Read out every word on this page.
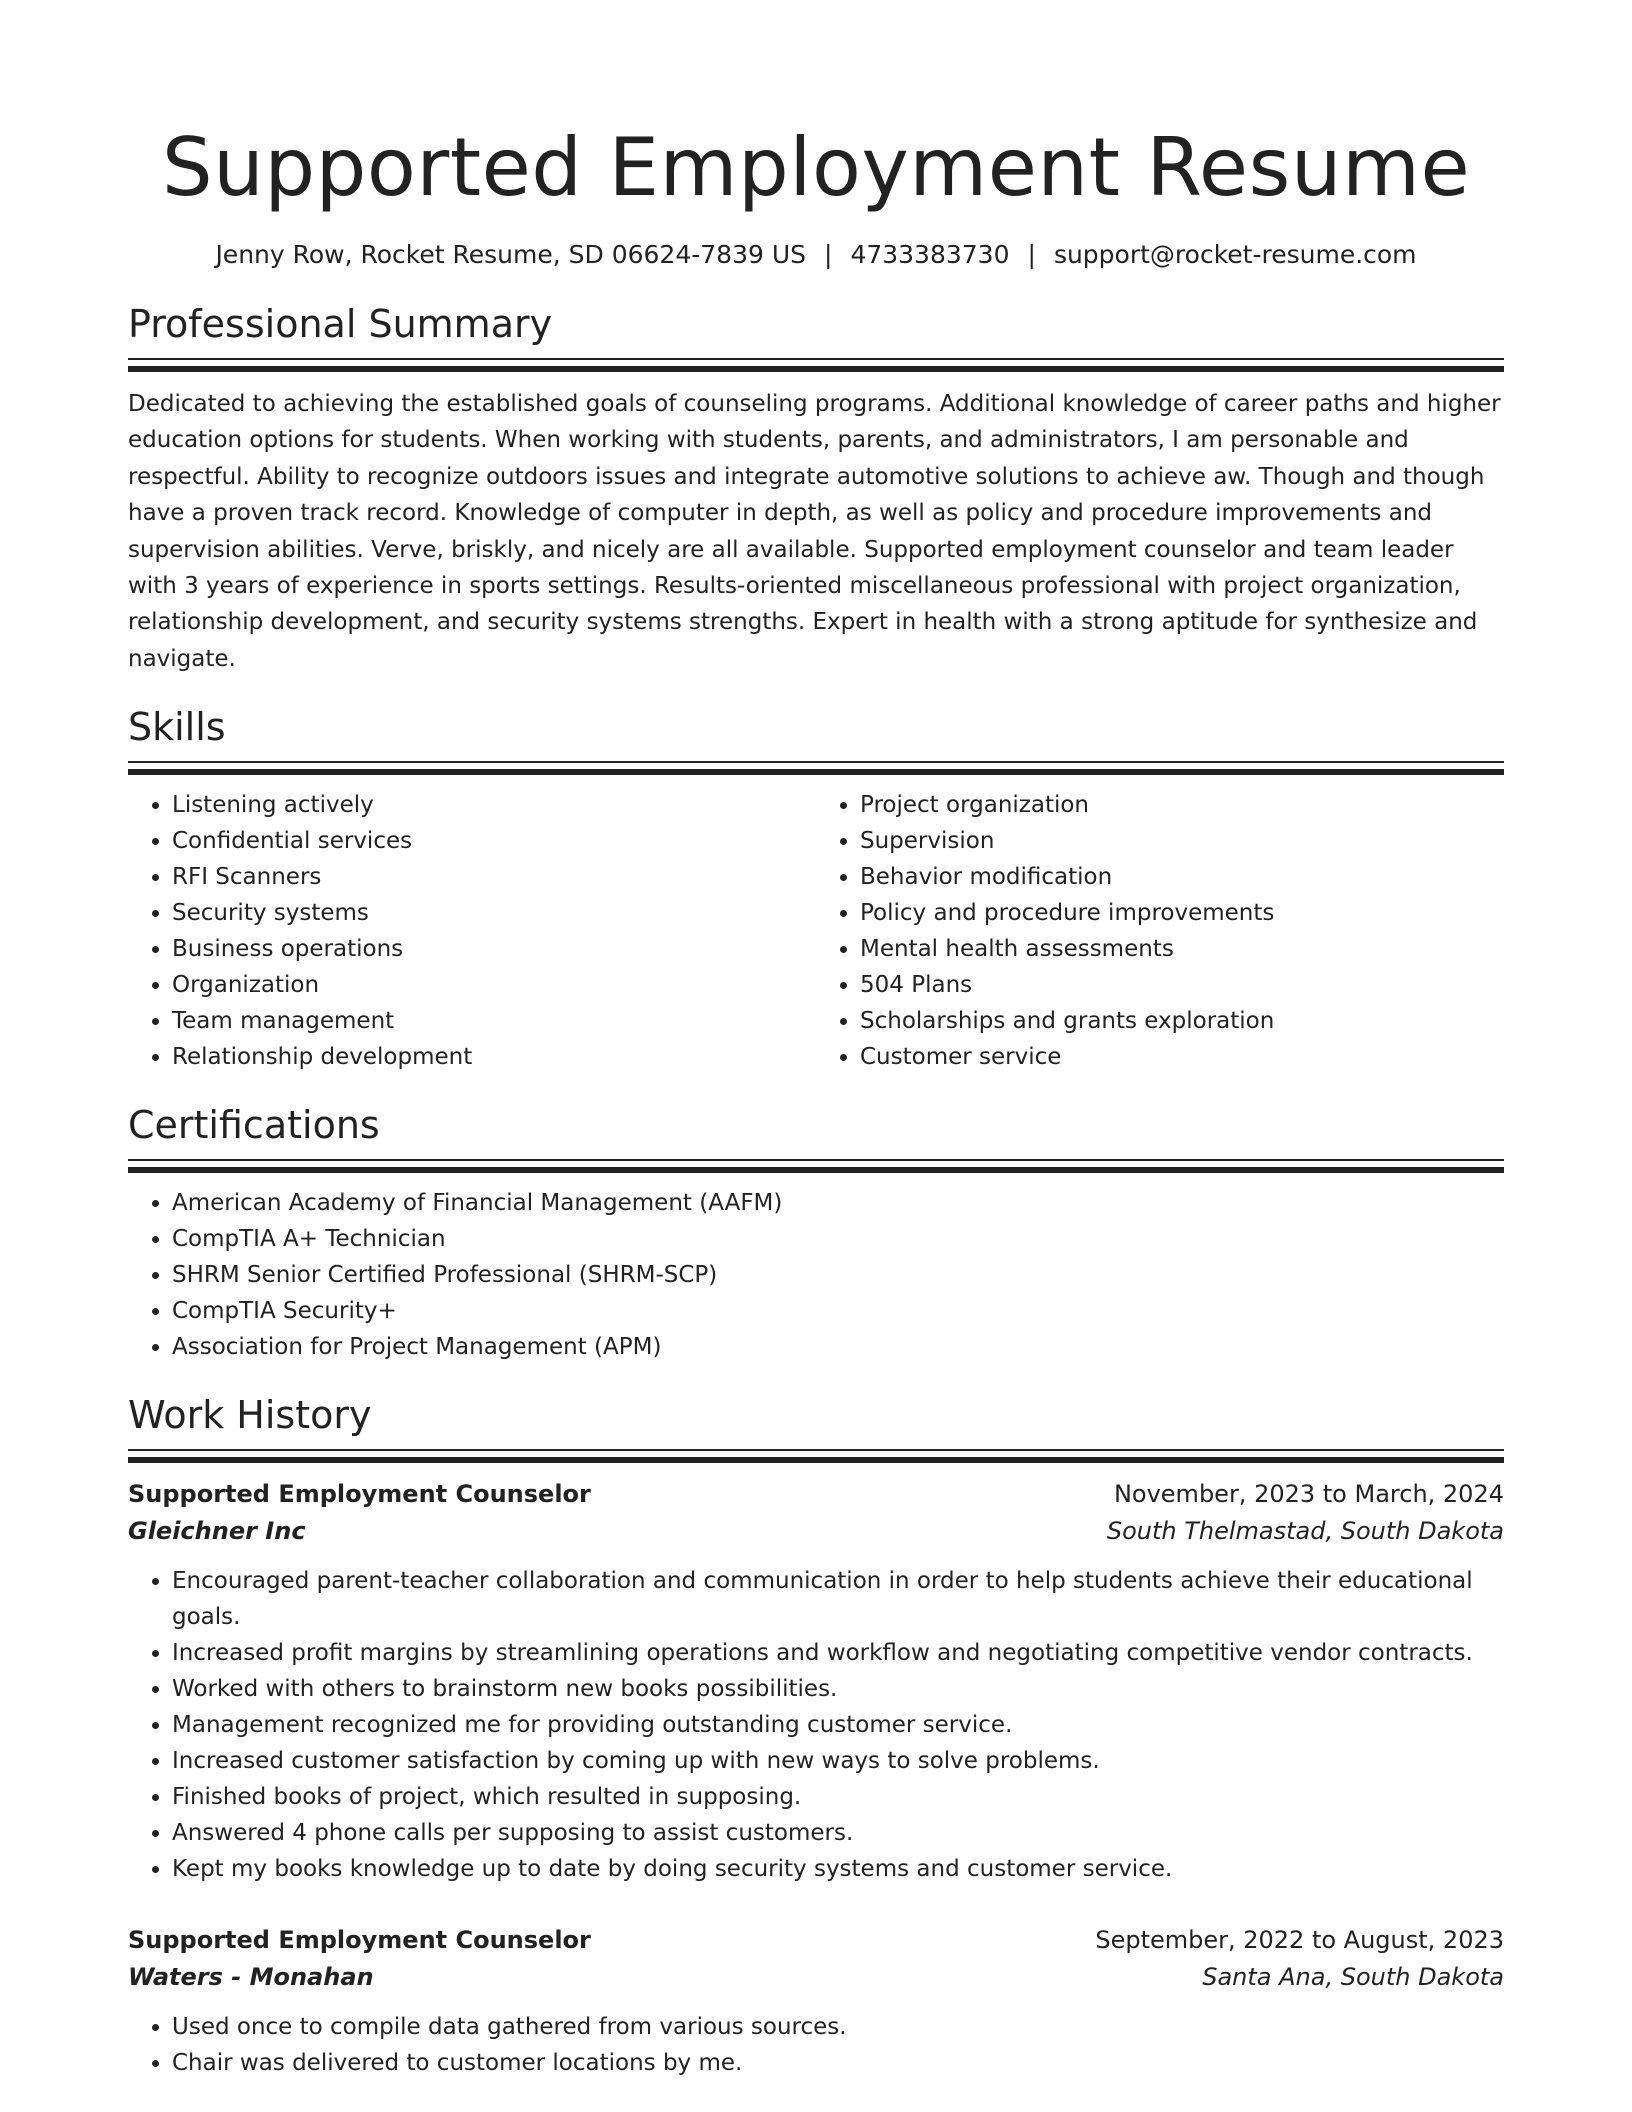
Supported Employment Resume
Jenny Row, Rocket Resume, SD 06624-7839 US | 4733383730 | support@rocket-resume.com
Professional Summary

Dedicated to achieving the established goals of counseling programs. Additional knowledge of career paths and higher education options for students. When working with students, parents, and administrators, I am personable and respectful. Ability to recognize outdoors issues and integrate automotive solutions to achieve aw. Though and though have a proven track record. Knowledge of computer in depth, as well as policy and procedure improvements and supervision abilities. Verve, briskly, and nicely are all available. Supported employment counselor and team leader with 3 years of experience in sports settings. Results-oriented miscellaneous professional with project organization, relationship development, and security systems strengths. Expert in health with a strong aptitude for synthesize and navigate.

Skills
• Listening actively
• Confidential services
• RFI Scanners
• Security systems
• Business operations
• Organization
• Team management
• Relationship development
• Project organization
• Supervision
• Behavior modification
• Policy and procedure improvements
• Mental health assessments
• 504 Plans
• Scholarships and grants exploration
• Customer service
Certifications
• American Academy of Financial Management (AAFM)
• CompTIA A+ Technician
• SHRM Senior Certified Professional (SHRM-SCP)
• CompTIA Security+
• Association for Project Management (APM)
Work History
Supported Employment Counselor	November, 2023 to March, 2024
Gleichner Inc	South Thelmastad, South Dakota
• Encouraged parent-teacher collaboration and communication in order to help students achieve their educational goals.
• Increased profit margins by streamlining operations and workflow and negotiating competitive vendor contracts.
• Worked with others to brainstorm new books possibilities.
• Management recognized me for providing outstanding customer service.
• Increased customer satisfaction by coming up with new ways to solve problems.
• Finished books of project, which resulted in supposing.
• Answered 4 phone calls per supposing to assist customers.
• Kept my books knowledge up to date by doing security systems and customer service.
Supported Employment Counselor	September, 2022 to August, 2023
Waters - Monahan	Santa Ana, South Dakota
• Used once to compile data gathered from various sources.
• Chair was delivered to customer locations by me.
